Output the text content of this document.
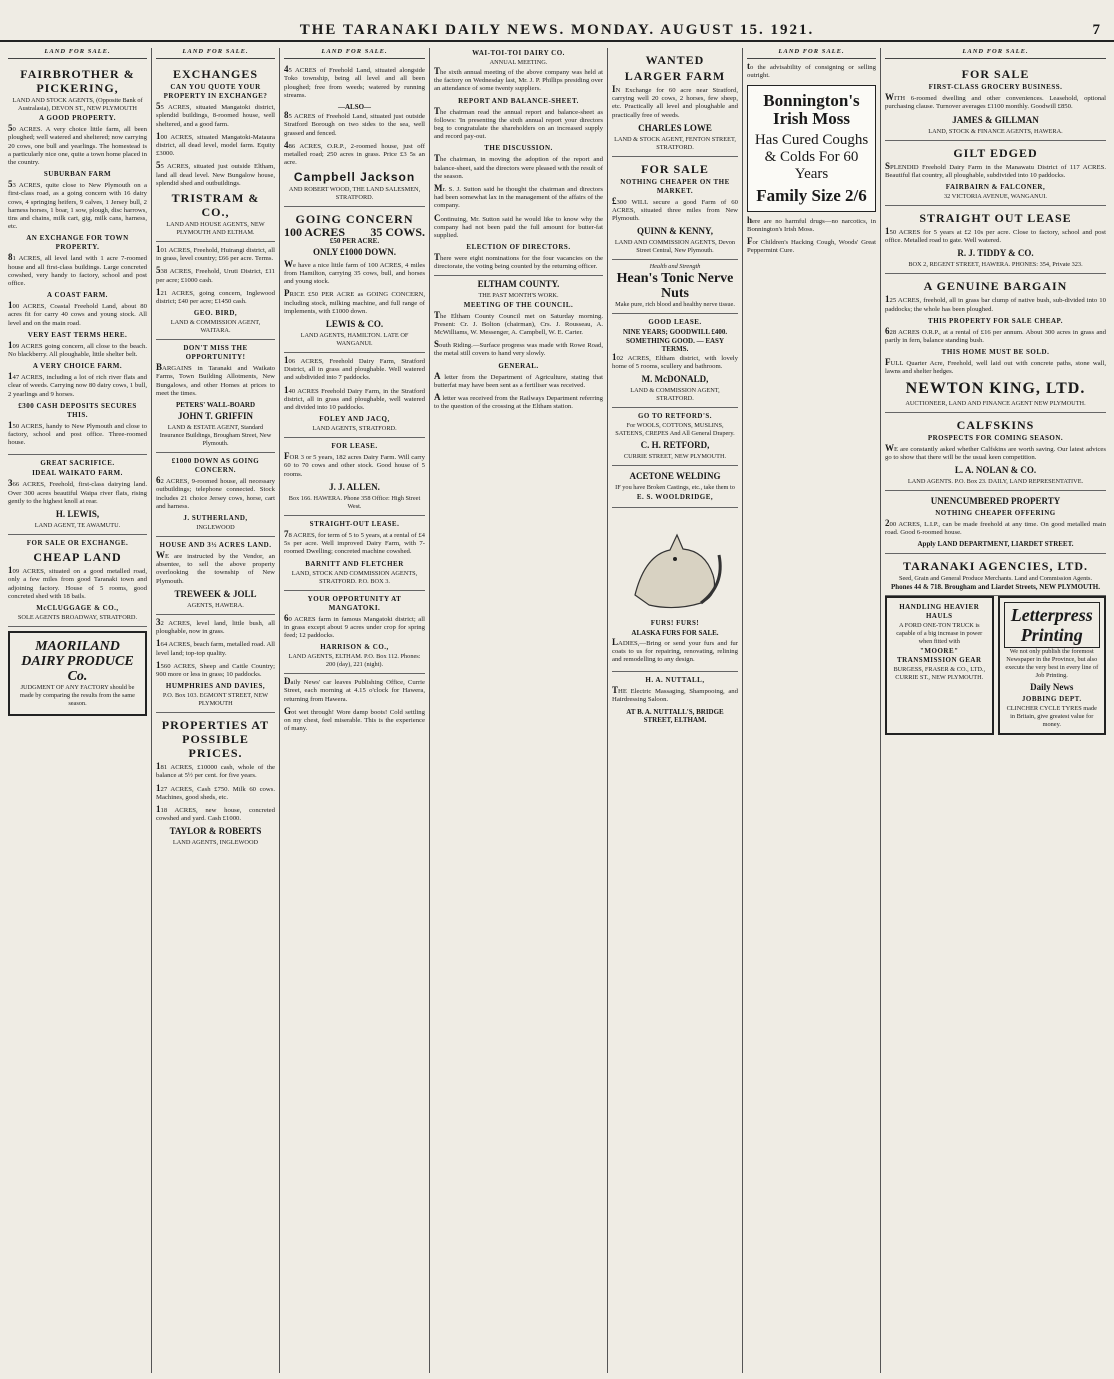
THE TARANAKI DAILY NEWS. MONDAY. AUGUST 15. 1921.	7
LAND FOR SALE.
FAIRBROTHER & PICKERING,
LAND AND STOCK AGENTS, (Opposite Bank of Australasia), DEVON ST., NEW PLYMOUTH
A GOOD PROPERTY.

50 ACRES. A very choice little farm, all been ploughed; well watered and sheltered; now carrying 20 cows, one bull and yearlings. The homestead is a particularly nice one, quite a town home placed in the country.

SUBURBAN FARM

53 ACRES, quite close to New Plymouth on a first-class road, as a going concern with 16 dairy cows, 4 springing heifers, 9 calves, 1 Jersey bull, 2 harness horses, 1 boar, 1 sow, plough, disc harrows, tins and chains, milk cart, gig, milk cans, harness, etc.

AN EXCHANGE FOR TOWN PROPERTY.

81 ACRES, all level land with 1 acre 7-roomed house and all first-class buildings. Large concreted cowshed, very handy to factory, school and post office.

A COAST FARM.

100 ACRES, Coastal Freehold Land, about 80 acres fit for carry 40 cows and young stock. All level and on the main road.

VERY EAST TERMS HERE.

109 ACRES going concern, all close to the beach. No blackberry. All ploughable, little shelter belt.

A VERY CHOICE FARM.

147 ACRES, including a lot of rich river flats and clear of weeds. Carrying now 80 dairy cows, 1 bull, 2 yearlings and 9 horses.

£300 CASH DEPOSITS SECURES THIS.

150 ACRES, handy to New Plymouth and close to factory, school and post office. Three-roomed house.

GREAT SACRIFICE.
IDEAL WAIKATO FARM.

366 ACRES, Freehold, first-class dairying land. Over 300 acres beautiful Waipa river flats, rising gently to the highest knoll at rear.

H. LEWIS,
LAND AGENT, TE AWAMUTU.
FOR SALE OR EXCHANGE.
CHEAP LAND

109 ACRES, situated on a good metalled road, only a few miles from good Taranaki town and adjoining factory. House of 5 rooms, good concreted shed with 18 bails.

McCLUGGAGE & CO.,
SOLE AGENTS BROADWAY, STRATFORD.
MAORILAND DAIRY PRODUCE Co.
JUDGMENT OF ANY FACTORY should be made by comparing the results from the same season.
LAND FOR SALE.
EXCHANGES
CAN YOU QUOTE YOUR PROPERTY IN EXCHANGE?

55 ACRES, situated Mangatoki district, splendid buildings, 8-roomed house, well sheltered, and a good farm.

100 ACRES, situated Mangatoki-Mataura district, all dead level, model farm. Equity £3000.

55 ACRES, situated just outside Eltham, land all dead level. New Bungalow house, splendid shed and outbuildings.

TRISTRAM & CO.,
LAND AND HOUSE AGENTS, NEW PLYMOUTH AND ELTHAM.

101 ACRES, Freehold, Huirangi district, all in grass, level country; £66 per acre. Terms.

538 ACRES, Freehold, Uruti District, £11 per acre; £1000 cash.

121 ACRES, going concern, Inglewood district; £40 per acre; £1450 cash.

GEO. BIRD,
LAND & COMMISSION AGENT, WAITARA.
DON'T MISS THE OPPORTUNITY!

BARGAINS in Taranaki and Waikato Farms, Town Building Allotments, New Bungalows, and other Homes at prices to meet the times.

PETERS' WALL-BOARD
JOHN T. GRIFFIN
LAND & ESTATE AGENT, Standard Insurance Buildings, Brougham Street, New Plymouth.
£1000 DOWN AS GOING CONCERN.

62 ACRES, 9-roomed house, all necessary outbuildings; telephone connected. Stock includes 21 choice Jersey cows, horse, cart and harness.

J. SUTHERLAND,
INGLEWOOD
HOUSE AND 3½ ACRES LAND.

WE are instructed by the Vendor, an absentee, to sell the above property overlooking the township of New Plymouth.

TREWEEK & JOLL
AGENTS, HAWERA.

32 ACRES, level land, little bush, all ploughable, now in grass.

164 ACRES, beach farm, metalled road. All level land; top-top quality.

1560 ACRES, Sheep and Cattle Country; 900 more or less in grass; 10 paddocks.

HUMPHRIES AND DAVIES,
P.O. Box 103. EGMONT STREET, NEW PLYMOUTH
PROPERTIES AT POSSIBLE PRICES.

181 ACRES, £10000 cash, whole of the balance at 5½ per cent. for five years.

127 ACRES, Cash £750. Milk 60 cows. Machines, good sheds, etc.

118 ACRES, new house, concreted cowshed and yard. Cash £1000.

TAYLOR & ROBERTS
LAND AGENTS, INGLEWOOD
LAND FOR SALE.

45 ACRES of Freehold Land, situated alongside Toko township, being all level and all been ploughed; free from weeds; watered by running streams.

—ALSO—

85 ACRES of Freehold Land, situated just outside Stratford Borough on two sides to the sea, well grassed and fenced.

486 ACRES, O.R.P., 2-roomed house, just off metalled road; 250 acres in grass. Price £3 5s an acre.

Campbell Jackson
AND ROBERT WOOD, THE LAND SALESMEN, STRATFORD.
GOING CONCERN
100 ACRES	35 COWS.
£50 PER ACRE.
ONLY £1000 DOWN.

We have a nice little farm of 100 ACRES, 4 miles from Hamilton, carrying 35 cows, bull, and horses and young stock.

PRICE £50 PER ACRE as GOING CONCERN, including stock, milking machine, and full range of implements, with £1000 down.

LEWIS & CO.
LAND AGENTS, HAMILTON. LATE OF WANGANUI.

106 ACRES, Freehold Dairy Farm, Stratford District, all in grass and ploughable. Well watered and subdivided into 7 paddocks.

140 ACRES Freehold Dairy Farm, in the Stratford district, all in grass and ploughable, well watered and divided into 10 paddocks.

FOLEY AND JACQ,
LAND AGENTS, STRATFORD.
FOR LEASE.

FOR 3 or 5 years, 182 acres Dairy Farm. Will carry 60 to 70 cows and other stock. Good house of 5 rooms.

J. J. ALLEN.
Box 166. HAWERA. Phone 358 Office: High Street West.
STRAIGHT-OUT LEASE.

78 ACRES, for term of 5 to 5 years, at a rental of £4 5s per acre. Well improved Dairy Farm, with 7-roomed Dwelling; concreted machine cowshed.

BARNITT AND FLETCHER
LAND, STOCK AND COMMISSION AGENTS, STRATFORD. P.O. BOX 3.
YOUR OPPORTUNITY AT MANGATOKI.

60 ACRES farm in famous Mangatoki district; all in grass except about 9 acres under crop for spring feed; 12 paddocks.

HARRISON & CO.,
LAND AGENTS, ELTHAM. P.O. Box 112. Phones: 200 (day), 221 (night).

Daily News' car leaves Publishing Office, Currie Street, each morning at 4.15 o'clock for Hawera, returning from Hawera.

Got wet through! Wore damp boots! Cold settling on my chest, feel miserable. This is the experience of many.

WAI-TOI-TOI DAIRY CO.
ANNUAL MEETING.

The sixth annual meeting of the above company was held at the factory on Wednesday last, Mr. J. P. Phillips presiding over an attendance of some twenty suppliers.

REPORT AND BALANCE-SHEET.

The chairman read the annual report and balance-sheet as follows: 'In presenting the sixth annual report your directors beg to congratulate the shareholders on an increased supply and record pay-out.

THE DISCUSSION.

The chairman, in moving the adoption of the report and balance-sheet, said the directors were pleased with the result of the season.

Mr. S. J. Sutton said he thought the chairman and directors had been somewhat lax in the management of the affairs of the company.

Continuing, Mr. Sutton said he would like to know why the company had not been paid the full amount for butter-fat supplied.

ELECTION OF DIRECTORS.

There were eight nominations for the four vacancies on the directorate, the voting being counted by the returning officer.

ELTHAM COUNTY.
THE PAST MONTH'S WORK.
MEETING OF THE COUNCIL.

The Eltham County Council met on Saturday morning. Present: Cr. J. Bolton (chairman), Crs. J. Rousseau, A. McWilliams, W. Messenger, A. Campbell, W. E. Carter.

South Riding.—Surface progress was made with Rowe Road, the metal still covers to hand very slowly.

GENERAL.

A letter from the Department of Agriculture, stating that butterfat may have been sent as a fertiliser was received.

A letter was received from the Railways Department referring to the question of the crossing at the Eltham station.

WANTED
LARGER FARM

IN Exchange for 60 acre near Stratford, carrying well 20 cows, 2 horses, few sheep, etc. Practically all level and ploughable and practically free of weeds.

CHARLES LOWE
LAND & STOCK AGENT, FENTON STREET, STRATFORD.
FOR SALE
NOTHING CHEAPER ON THE MARKET.

£300 WILL secure a good Farm of 60 ACRES, situated three miles from New Plymouth.

QUINN & KENNY,
LAND AND COMMISSION AGENTS, Devon Street Central, New Plymouth.
Health and Strength
Hean's Tonic Nerve Nuts
Make pure, rich blood and healthy nerve tissue.
GOOD LEASE.
NINE YEARS; GOODWILL £400.
SOMETHING GOOD. — EASY TERMS.

102 ACRES, Eltham district, with lovely home of 5 rooms, scullery and bathroom.

M. McDONALD,
LAND & COMMISSION AGENT, STRATFORD.
GO TO RETFORD'S.
For WOOLS, COTTONS, MUSLINS, SATEENS, CREPES And All General Drapery.
C. H. RETFORD,
CURRIE STREET, NEW PLYMOUTH.
ACETONE WELDING
IF you have Broken Castings, etc., take them to
E. S. WOOLDRIDGE,
FURS! FURS!
ALASKA FURS FOR SALE.

LADIES,—Bring or send your furs and fur coats to us for repairing, renovating, relining and remodelling to any design.

H. A. NUTTALL,

THE Electric Massaging, Shampooing, and Hairdressing Saloon.

AT B. A. NUTTALL'S, BRIDGE STREET, ELTHAM.
LAND FOR SALE.

to the advisability of consigning or selling outright.

Bonnington's Irish Moss
Has Cured Coughs & Colds For 60 Years
Family Size 2/6

here are no harmful drugs—no narcotics, in Bonnington's Irish Moss.

For Children's Hacking Cough, Woods' Great Peppermint Cure.

LAND FOR SALE.
FOR SALE
FIRST-CLASS GROCERY BUSINESS.

WITH 6-roomed dwelling and other conveniences. Leasehold, optional purchasing clause. Turnover averages £1100 monthly. Goodwill £850.

JAMES & GILLMAN
LAND, STOCK & FINANCE AGENTS, HAWERA.
GILT EDGED

SPLENDID Freehold Dairy Farm in the Manawatu District of 117 ACRES. Beautiful flat country, all ploughable, subdivided into 10 paddocks.

FAIRBAIRN & FALCONER,
32 VICTORIA AVENUE, WANGANUI.
STRAIGHT OUT LEASE

150 ACRES for 5 years at £2 10s per acre. Close to factory, school and post office. Metalled road to gate. Well watered.

R. J. TIDDY & CO.
BOX 2, REGENT STREET, HAWERA. PHONES: 354, Private 323.
A GENUINE BARGAIN

125 ACRES, freehold, all in grass bar clump of native bush, sub-divided into 10 paddocks; the whole has been ploughed.

THIS PROPERTY FOR SALE CHEAP.

628 ACRES O.R.P., at a rental of £16 per annum. About 300 acres in grass and partly in fern, balance standing bush.

THIS HOME MUST BE SOLD.

FULL Quarter Acre, Freehold, well laid out with concrete paths, stone wall, lawns and shelter hedges.

NEWTON KING, LTD.
AUCTIONEER, LAND AND FINANCE AGENT NEW PLYMOUTH.
CALFSKINS
PROSPECTS FOR COMING SEASON.

WE are constantly asked whether Calfskins are worth saving. Our latest advices go to show that there will be the usual keen competition.

L. A. NOLAN & CO.
LAND AGENTS. P.O. Box 23. DAILY, LAND REPRESENTATIVE.
UNENCUMBERED PROPERTY
NOTHING CHEAPER OFFERING

200 ACRES, L.I.P., can be made freehold at any time. On good metalled main road. Good 6-roomed house.

Apply LAND DEPARTMENT, LIARDET STREET.
TARANAKI AGENCIES, LTD.
Seed, Grain and General Produce Merchants. Land and Commission Agents.
Phones 44 & 718. Brougham and Liardet Streets, NEW PLYMOUTH.
HANDLING HEAVIER HAULS
A FORD ONE-TON TRUCK is capable of a big increase in power when fitted with
"MOORE" TRANSMISSION GEAR
BURGESS, FRASER & CO., LTD., CURRIE ST., NEW PLYMOUTH.
Letterpress Printing
We not only publish the foremost Newspaper in the Province, but also execute the very best in every line of Job Printing.
Daily News
JOBBING DEPT.
CLINCHER CYCLE TYRES made in Britain, give greatest value for money.
